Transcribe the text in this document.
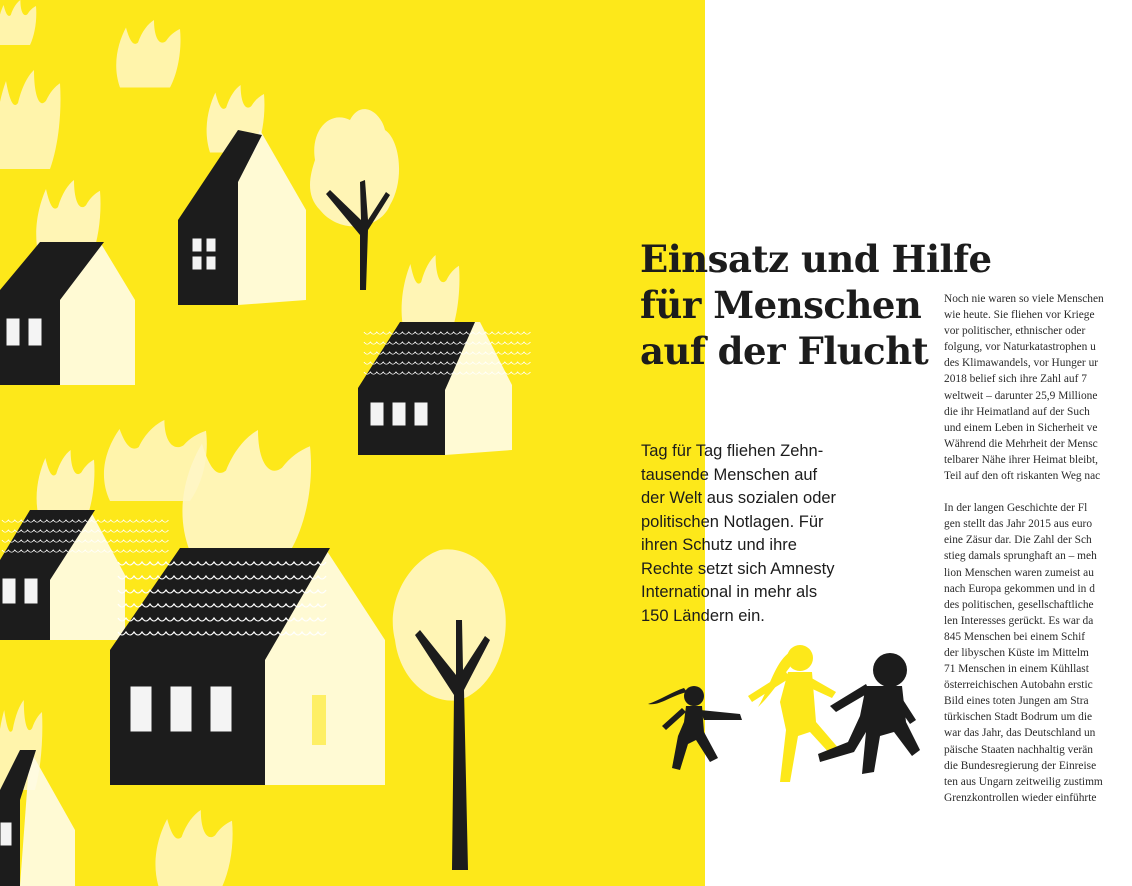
Einsatz und Hilfe
für Menschen
auf der Flucht

Tag für Tag fliehen Zehn-
tausende Menschen auf
der Welt aus sozialen oder
politischen Notlagen. Für
ihren Schutz und ihre
Rechte setzt sich Amnesty
International in mehr als
150 Ländern ein.

Noch nie waren so viele Menschen
wie heute. Sie fliehen vor Kriege
vor politischer, ethnischer oder
folgung, vor Naturkatastrophen u
des Klimawandels, vor Hunger ur
2018 belief sich ihre Zahl auf 7
weltweit – darunter 25,9 Millione
die ihr Heimatland auf der Such
und einem Leben in Sicherheit ve
Während die Mehrheit der Mensc
telbarer Nähe ihrer Heimat bleibt,
Teil auf den oft riskanten Weg nac

In der langen Geschichte der Fl
gen stellt das Jahr 2015 aus euro
eine Zäsur dar. Die Zahl der Sch
stieg damals sprunghaft an – meh
lion Menschen waren zumeist au
nach Europa gekommen und in d
des politischen, gesellschaftliche
len Interesses gerückt. Es war da
845 Menschen bei einem Schif
der libyschen Küste im Mittelm
71 Menschen in einem Kühllast
österreichischen Autobahn erstic
Bild eines toten Jungen am Stra
türkischen Stadt Bodrum um die
war das Jahr, das Deutschland un
päische Staaten nachhaltig verän
die Bundesregierung der Einreise
ten aus Ungarn zeitweilig zustimm
Grenzkontrollen wieder einführte
